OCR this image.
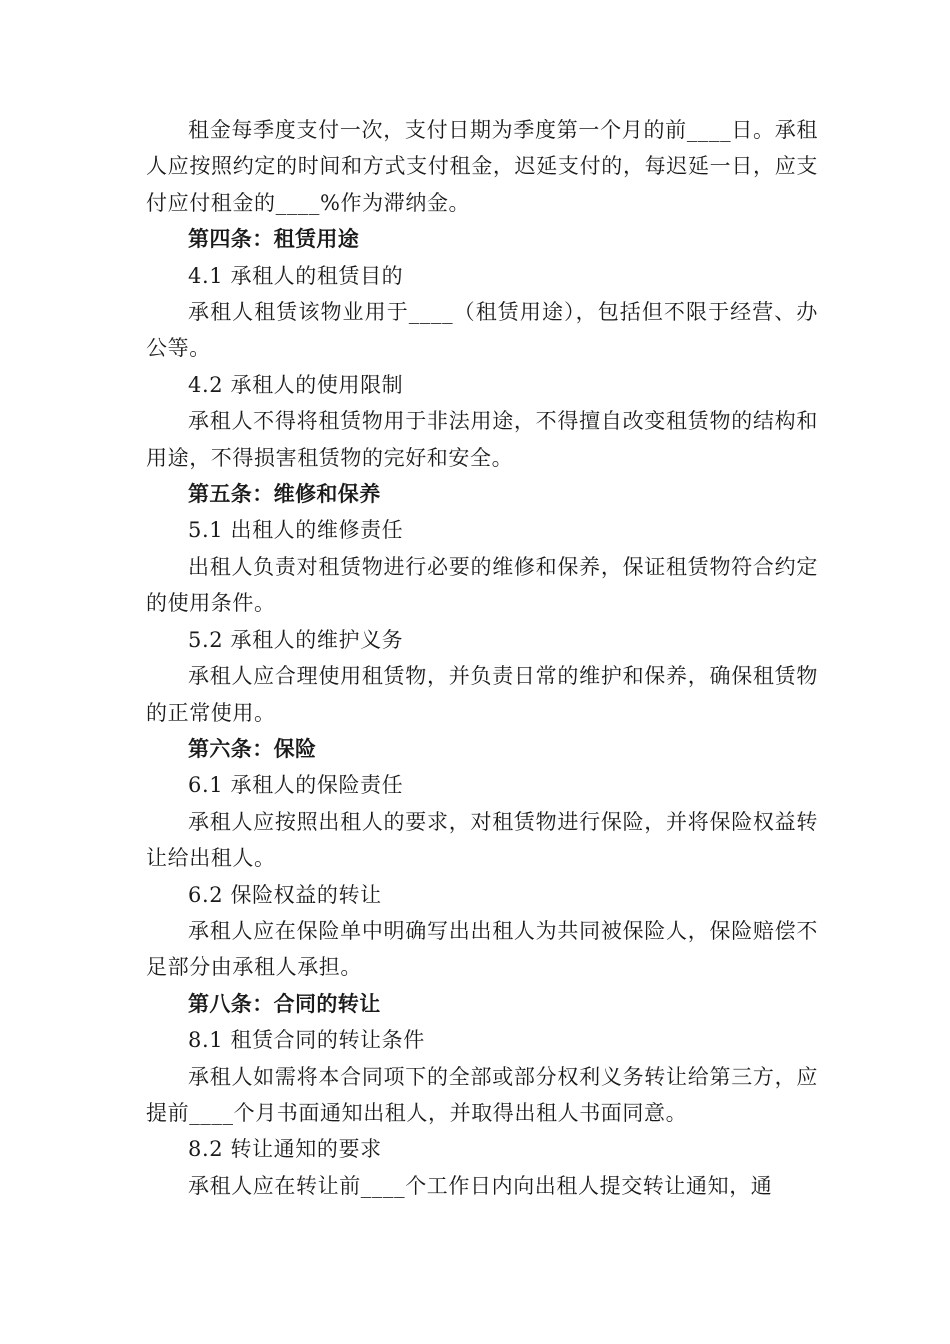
租金每季度支付一次，支付日期为季度第一个月的前____日。承租人应按照约定的时间和方式支付租金，迟延支付的，每迟延一日，应支付应付租金的____%作为滞纳金。

第四条：租赁用途

4.1 承租人的租赁目的

承租人租赁该物业用于____（租赁用途），包括但不限于经营、办公等。

4.2 承租人的使用限制

承租人不得将租赁物用于非法用途，不得擅自改变租赁物的结构和用途，不得损害租赁物的完好和安全。

第五条：维修和保养

5.1 出租人的维修责任

出租人负责对租赁物进行必要的维修和保养，保证租赁物符合约定的使用条件。

5.2 承租人的维护义务

承租人应合理使用租赁物，并负责日常的维护和保养，确保租赁物的正常使用。

第六条：保险

6.1 承租人的保险责任

承租人应按照出租人的要求，对租赁物进行保险，并将保险权益转让给出租人。

6.2 保险权益的转让

承租人应在保险单中明确写出出租人为共同被保险人，保险赔偿不足部分由承租人承担。

第八条：合同的转让

8.1 租赁合同的转让条件

承租人如需将本合同项下的全部或部分权利义务转让给第三方，应提前____个月书面通知出租人，并取得出租人书面同意。

8.2 转让通知的要求

承租人应在转让前____个工作日内向出租人提交转让通知，通
